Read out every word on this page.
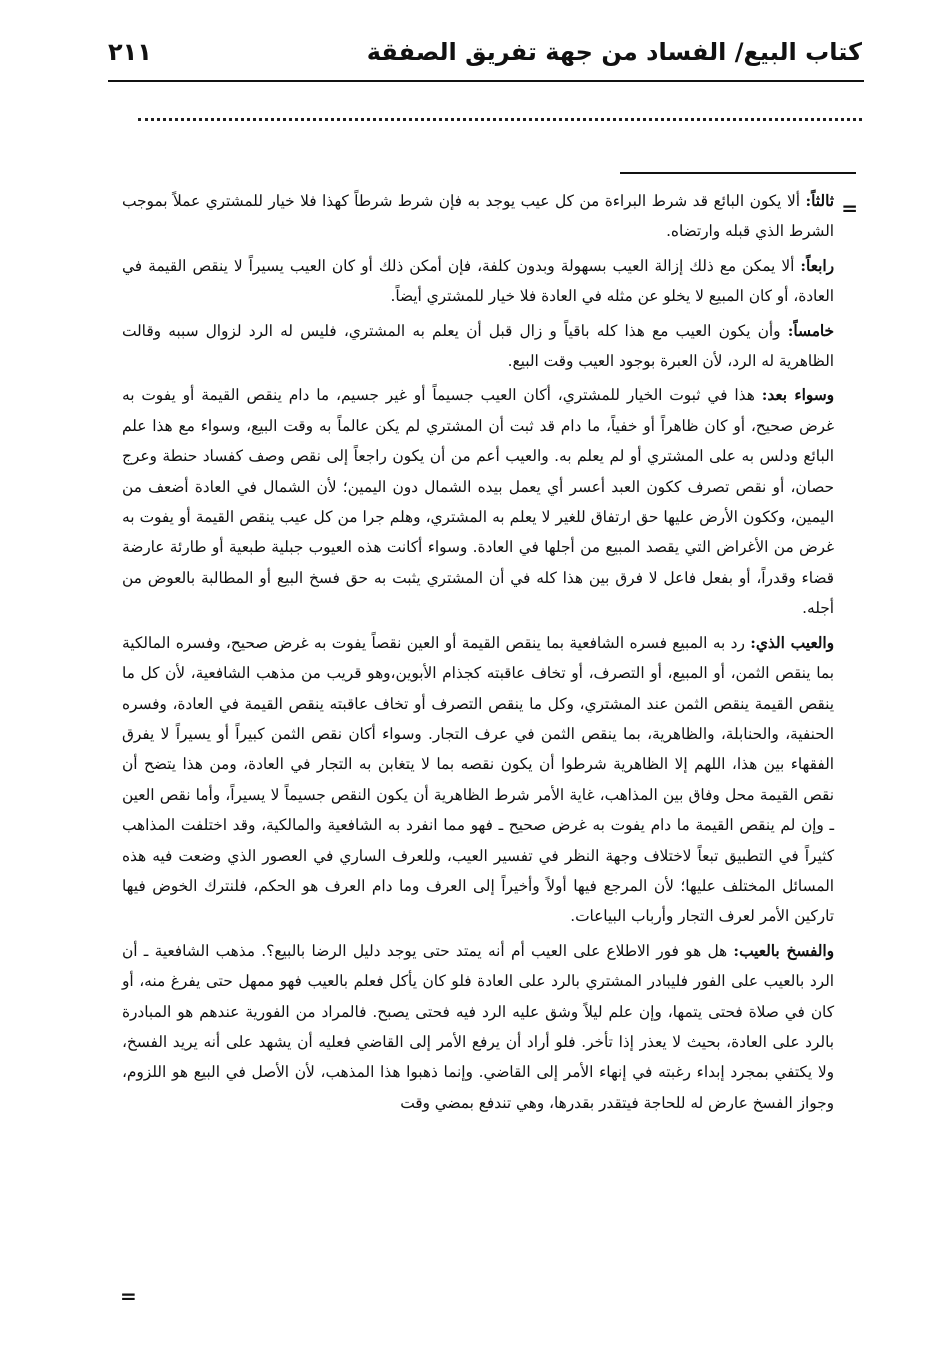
كتاب البيع/ الفساد من جهة تفريق الصفقة
٢١١
=

ثالثاً: ألا يكون البائع قد شرط البراءة من كل عيب يوجد به فإن شرط شرطاً كهذا فلا خيار للمشتري عملاً بموجب الشرط الذي قبله وارتضاه.

رابعاً: ألا يمكن مع ذلك إزالة العيب بسهولة وبدون كلفة، فإن أمكن ذلك أو كان العيب يسيراً لا ينقص القيمة في العادة، أو كان المبيع لا يخلو عن مثله في العادة فلا خيار للمشتري أيضاً.

خامساً: وأن يكون العيب مع هذا كله باقياً و زال قبل أن يعلم به المشتري، فليس له الرد لزوال سببه وقالت الظاهرية له الرد، لأن العبرة بوجود العيب وقت البيع.

وسواء بعد: هذا في ثبوت الخيار للمشتري، أكان العيب جسيماً أو غير جسيم، ما دام ينقص القيمة أو يفوت به غرض صحيح، أو كان ظاهراً أو خفياً، ما دام قد ثبت أن المشتري لم يكن عالماً به وقت البيع، وسواء مع هذا علم البائع ودلس به على المشتري أو لم يعلم به. والعيب أعم من أن يكون راجعاً إلى نقص وصف كفساد حنطة وعرج حصان، أو نقص تصرف ككون العبد أعسر أي يعمل بيده الشمال دون اليمين؛ لأن الشمال في العادة أضعف من اليمين، وككون الأرض عليها حق ارتفاق للغير لا يعلم به المشتري، وهلم جرا من كل عيب ينقص القيمة أو يفوت به غرض من الأغراض التي يقصد المبيع من أجلها في العادة. وسواء أكانت هذه العيوب جبلية طبعية أو طارئة عارضة قضاء وقدراً، أو بفعل فاعل لا فرق بين هذا كله في أن المشتري يثبت به حق فسخ البيع أو المطالبة بالعوض من أجله.

والعيب الذي: رد به المبيع فسره الشافعية بما ينقص القيمة أو العين نقصاً يفوت به غرض صحيح، وفسره المالكية بما ينقص الثمن، أو المبيع، أو التصرف، أو تخاف عاقبته كجذام الأبوين،وهو قريب من مذهب الشافعية، لأن كل ما ينقص القيمة ينقص الثمن عند المشتري، وكل ما ينقص التصرف أو تخاف عاقبته ينقص القيمة في العادة، وفسره الحنفية، والحنابلة، والظاهرية، بما ينقص الثمن في عرف التجار. وسواء أكان نقص الثمن كبيراً أو يسيراً لا يفرق الفقهاء بين هذا، اللهم إلا الظاهرية شرطوا أن يكون نقصه بما لا يتغابن به التجار في العادة، ومن هذا يتضح أن نقص القيمة محل وفاق بين المذاهب، غاية الأمر شرط الظاهرية أن يكون النقص جسيماً لا يسيراً، وأما نقص العين ـ وإن لم ينقص القيمة ما دام يفوت به غرض صحيح ـ فهو مما انفرد به الشافعية والمالكية، وقد اختلفت المذاهب كثيراً في التطبيق تبعاً لاختلاف وجهة النظر في تفسير العيب، وللعرف الساري في العصور الذي وضعت فيه هذه المسائل المختلف عليها؛ لأن المرجع فيها أولاً وأخيراً إلى العرف وما دام العرف هو الحكم، فلنترك الخوض فيها تاركين الأمر لعرف التجار وأرباب البياعات.

والفسخ بالعيب: هل هو فور الاطلاع على العيب أم أنه يمتد حتى يوجد دليل الرضا بالبيع؟. مذهب الشافعية ـ أن الرد بالعيب على الفور فليبادر المشتري بالرد على العادة فلو كان يأكل فعلم بالعيب فهو ممهل حتى يفرغ منه، أو كان في صلاة فحتى يتمها، وإن علم ليلاً وشق عليه الرد فيه فحتى يصبح. فالمراد من الفورية عندهم هو المبادرة بالرد على العادة، بحيث لا يعذر إذا تأخر. فلو أراد أن يرفع الأمر إلى القاضي فعليه أن يشهد على أنه يريد الفسخ، ولا يكتفي بمجرد إبداء رغبته في إنهاء الأمر إلى القاضي. وإنما ذهبوا هذا المذهب، لأن الأصل في البيع هو اللزوم، وجواز الفسخ عارض له للحاجة فيتقدر بقدرها، وهي تندفع بمضي وقت

=
